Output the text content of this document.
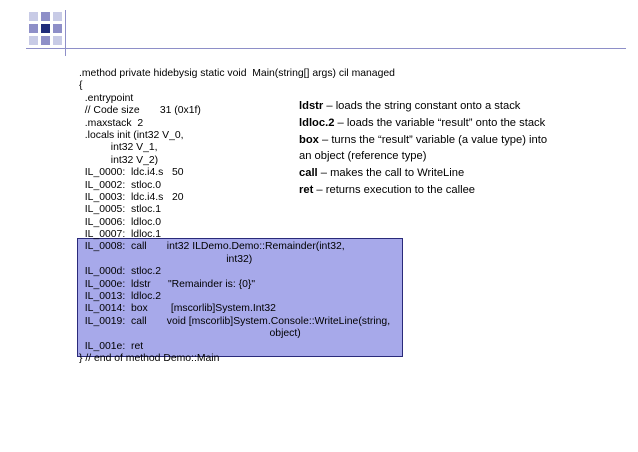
.method private hidebysig static void  Main(string[] args) cil managed
{
.entrypoint
// Code size       31 (0x1f)
.maxstack  2
.locals init (int32 V_0,
int32 V_1,
int32 V_2)
IL_0000:  ldc.i4.s   50
IL_0002:  stloc.0
IL_0003:  ldc.i4.s   20
IL_0005:  stloc.1
IL_0006:  ldloc.0
IL_0007:  ldloc.1
IL_0008:  call       int32 ILDemo.Demo::Remainder(int32,
int32)
IL_000d:  stloc.2
IL_000e:  ldstr      "Remainder is: {0}"
IL_0013:  ldloc.2
IL_0014:  box        [mscorlib]System.Int32
IL_0019:  call       void [mscorlib]System.Console::WriteLine(string,
object)
IL_001e:  ret
} // end of method Demo::Main
ldstr – loads the string constant onto a stack
ldloc.2 – loads the variable “result” onto the stack
box – turns the “result” variable (a value type) into
an object (reference type)
call – makes the call to WriteLine
ret – returns execution to the callee
